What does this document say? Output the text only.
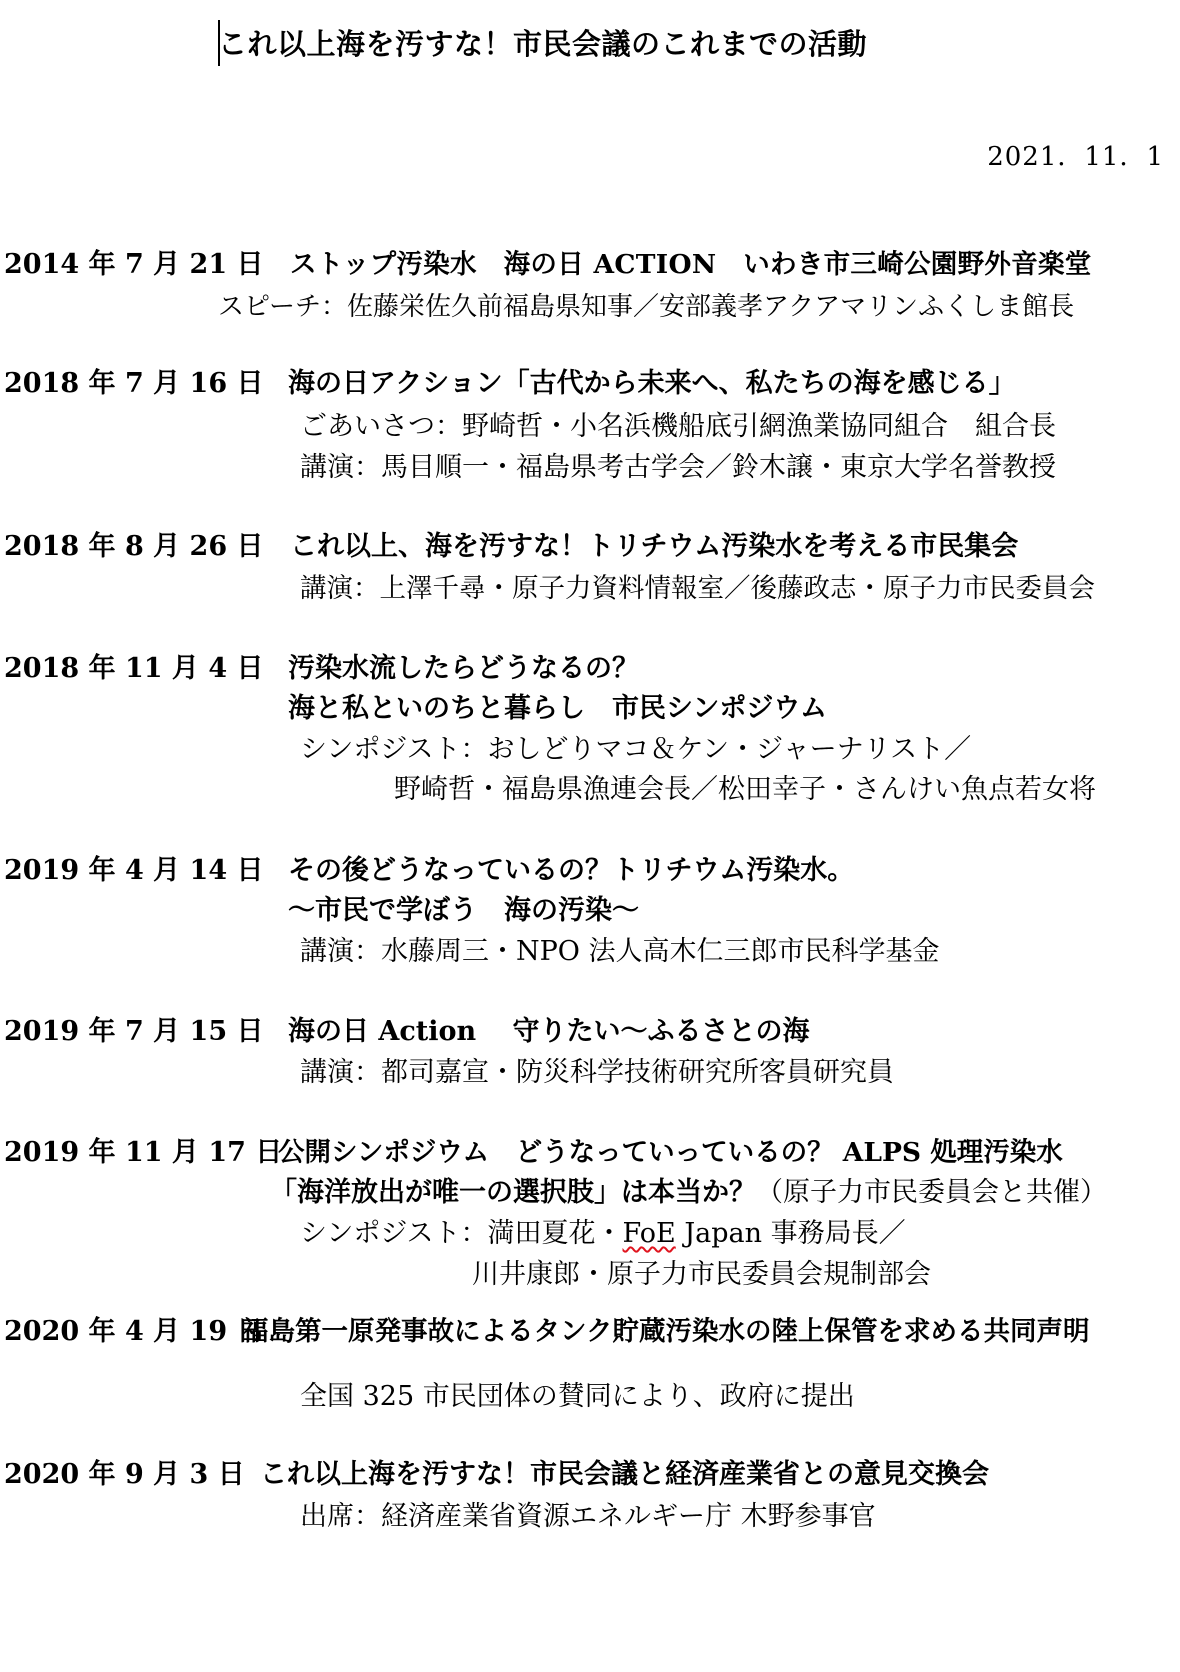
これ以上海を汚すな！市民会議のこれまでの活動
2021．11．1
2014 年 7 月 21 日 ストップ汚染水　海の日 ACTION　いわき市三崎公園野外音楽堂
スピーチ：佐藤栄佐久前福島県知事／安部義孝アクアマリンふくしま館長
2018 年 7 月 16 日 海の日アクション「古代から未来へ、私たちの海を感じる」
ごあいさつ：野崎哲・小名浜機船底引網漁業協同組合　組合長
講演：馬目順一・福島県考古学会／鈴木譲・東京大学名誉教授
2018 年 8 月 26 日 これ以上、海を汚すな！トリチウム汚染水を考える市民集会
講演：上澤千尋・原子力資料情報室／後藤政志・原子力市民委員会
2018 年 11 月 4 日 汚染水流したらどうなるの？
海と私といのちと暮らし　市民シンポジウム
シンポジスト：おしどりマコ＆ケン・ジャーナリスト／
野崎哲・福島県漁連会長／松田幸子・さんけい魚点若女将
2019 年 4 月 14 日 その後どうなっているの？トリチウム汚染水。
〜市民で学ぼう　海の汚染〜
講演：水藤周三・NPO 法人高木仁三郎市民科学基金
2019 年 7 月 15 日 海の日 Action　 守りたい〜ふるさとの海
講演：都司嘉宣・防災科学技術研究所客員研究員
2019 年 11 月 17 日
公開シンポジウム　どうなっていっているの？ ALPS 処理汚染水
「海洋放出が唯一の選択肢」は本当か？（原子力市民委員会と共催）
シンポジスト：満田夏花・FoE Japan 事務局長／
川井康郎・原子力市民委員会規制部会
2020 年 4 月 19 日
福島第一原発事故によるタンク貯蔵汚染水の陸上保管を求める共同声明
全国 325 市民団体の賛同により、政府に提出
2020 年 9 月 3 日 これ以上海を汚すな！市民会議と経済産業省との意見交換会
出席：経済産業省資源エネルギー庁 木野参事官
